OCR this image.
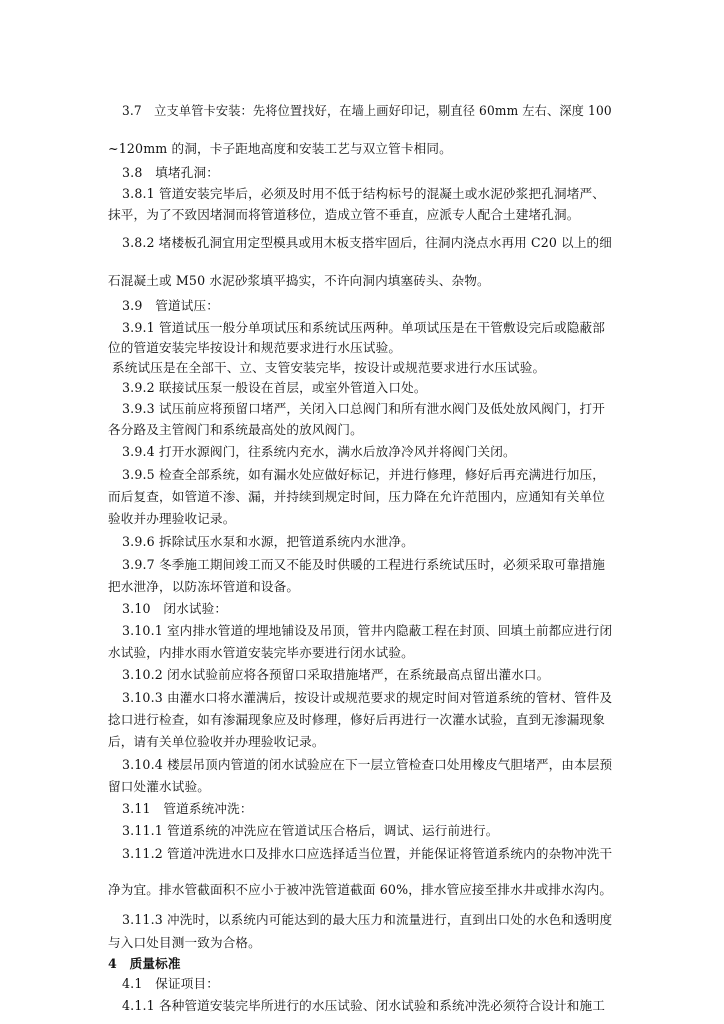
3.7　立支单管卡安装：先将位置找好，在墙上画好印记，剔直径 60mm 左右、深度 100
~120mm 的洞，卡子距地高度和安装工艺与双立管卡相同。
3.8　填堵孔洞：
3.8.1 管道安装完毕后，必须及时用不低于结构标号的混凝土或水泥砂浆把孔洞堵严、
抹平，为了不致因堵洞而将管道移位，造成立管不垂直，应派专人配合土建堵孔洞。
3.8.2 堵楼板孔洞宜用定型模具或用木板支搭牢固后，往洞内浇点水再用 C20 以上的细
石混凝土或 M50 水泥砂浆填平捣实，不许向洞内填塞砖头、杂物。
3.9　管道试压：
3.9.1 管道试压一般分单项试压和系统试压两种。单项试压是在干管敷设完后或隐蔽部
位的管道安装完毕按设计和规范要求进行水压试验。
系统试压是在全部干、立、支管安装完毕，按设计或规范要求进行水压试验。
3.9.2 联接试压泵一般设在首层，或室外管道入口处。
3.9.3 试压前应将预留口堵严，关闭入口总阀门和所有泄水阀门及低处放风阀门，打开
各分路及主管阀门和系统最高处的放风阀门。
3.9.4 打开水源阀门，往系统内充水，满水后放净冷风并将阀门关闭。
3.9.5 检查全部系统，如有漏水处应做好标记，并进行修理，修好后再充满进行加压，
而后复查，如管道不渗、漏，并持续到规定时间，压力降在允许范围内，应通知有关单位
验收并办理验收记录。
3.9.6 拆除试压水泵和水源，把管道系统内水泄净。
3.9.7 冬季施工期间竣工而又不能及时供暖的工程进行系统试压时，必须采取可靠措施
把水泄净，以防冻坏管道和设备。
3.10　闭水试验：
3.10.1 室内排水管道的埋地铺设及吊顶，管井内隐蔽工程在封顶、回填土前都应进行闭
水试验，内排水雨水管道安装完毕亦要进行闭水试验。
3.10.2 闭水试验前应将各预留口采取措施堵严，在系统最高点留出灌水口。
3.10.3 由灌水口将水灌满后，按设计或规范要求的规定时间对管道系统的管材、管件及
捻口进行检查，如有渗漏现象应及时修理，修好后再进行一次灌水试验，直到无渗漏现象
后，请有关单位验收并办理验收记录。
3.10.4 楼层吊顶内管道的闭水试验应在下一层立管检查口处用橡皮气胆堵严，由本层预
留口处灌水试验。
3.11　管道系统冲洗：
3.11.1 管道系统的冲洗应在管道试压合格后，调试、运行前进行。
3.11.2 管道冲洗进水口及排水口应选择适当位置，并能保证将管道系统内的杂物冲洗干
净为宜。排水管截面积不应小于被冲洗管道截面 60%，排水管应接至排水井或排水沟内。
3.11.3 冲洗时，以系统内可能达到的最大压力和流量进行，直到出口处的水色和透明度
与入口处目测一致为合格。
4　质量标准
4.1　保证项目：
4.1.1 各种管道安装完毕所进行的水压试验、闭水试验和系统冲洗必须符合设计和施工
